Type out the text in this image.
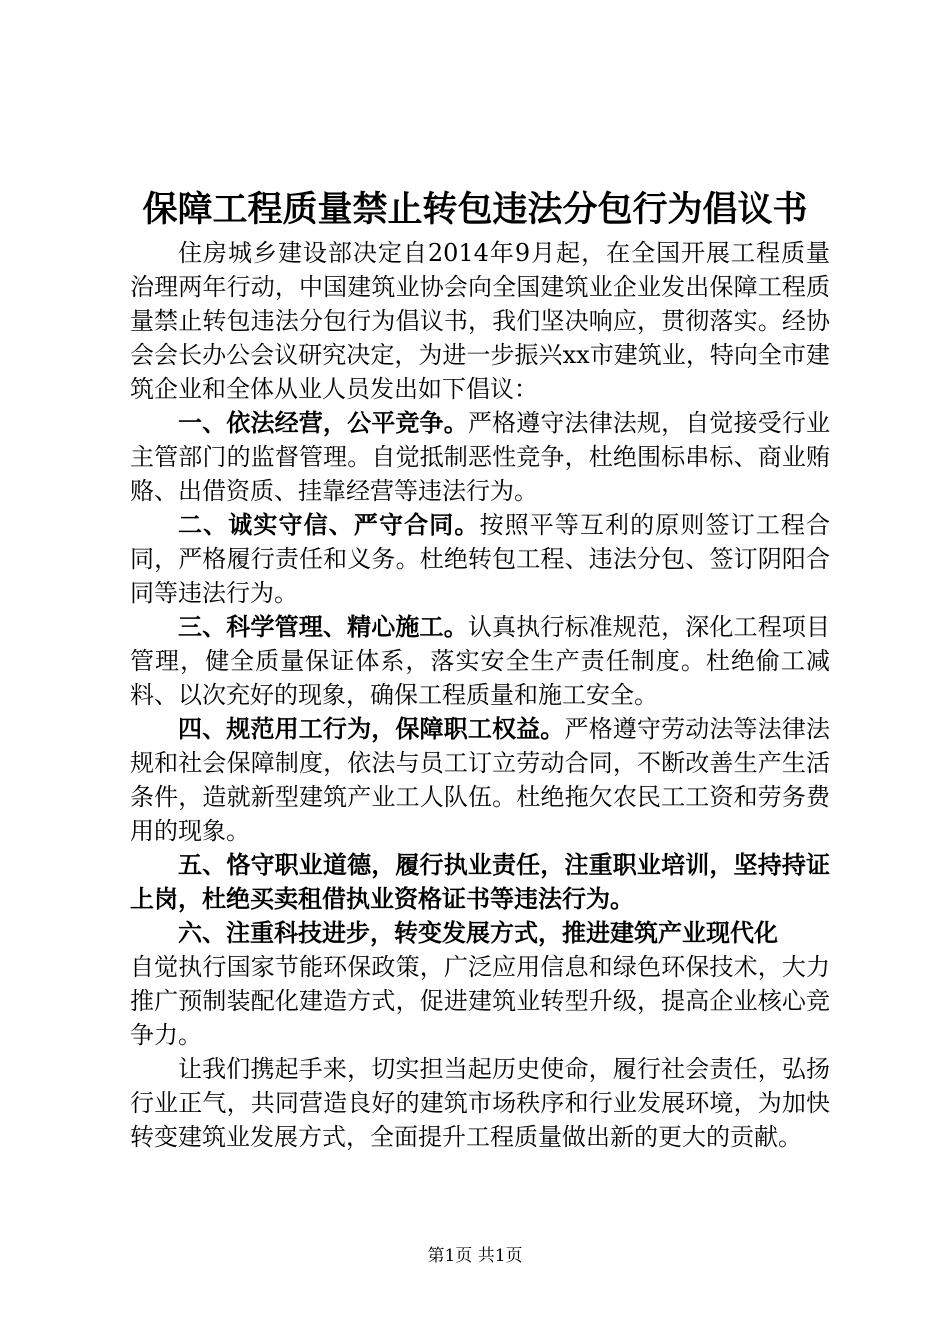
保障工程质量禁止转包违法分包行为倡议书

住房城乡建设部决定自2014年9月起，在全国开展工程质量治理两年行动，中国建筑业协会向全国建筑业企业发出保障工程质量禁止转包违法分包行为倡议书，我们坚决响应，贯彻落实。经协会会长办公会议研究决定，为进一步振兴xx市建筑业，特向全市建筑企业和全体从业人员发出如下倡议：

一、依法经营，公平竞争。严格遵守法律法规，自觉接受行业主管部门的监督管理。自觉抵制恶性竞争，杜绝围标串标、商业贿赂、出借资质、挂靠经营等违法行为。

二、诚实守信、严守合同。按照平等互利的原则签订工程合同，严格履行责任和义务。杜绝转包工程、违法分包、签订阴阳合同等违法行为。

三、科学管理、精心施工。认真执行标准规范，深化工程项目管理，健全质量保证体系，落实安全生产责任制度。杜绝偷工减料、以次充好的现象，确保工程质量和施工安全。

四、规范用工行为，保障职工权益。严格遵守劳动法等法律法规和社会保障制度，依法与员工订立劳动合同，不断改善生产生活条件，造就新型建筑产业工人队伍。杜绝拖欠农民工工资和劳务费用的现象。

五、恪守职业道德，履行执业责任，注重职业培训，坚持持证上岗，杜绝买卖租借执业资格证书等违法行为。

六、注重科技进步，转变发展方式，推进建筑产业现代化

自觉执行国家节能环保政策，广泛应用信息和绿色环保技术，大力推广预制装配化建造方式，促进建筑业转型升级，提高企业核心竞争力。

让我们携起手来，切实担当起历史使命，履行社会责任，弘扬行业正气，共同营造良好的建筑市场秩序和行业发展环境，为加快转变建筑业发展方式，全面提升工程质量做出新的更大的贡献。

第1页 共1页
